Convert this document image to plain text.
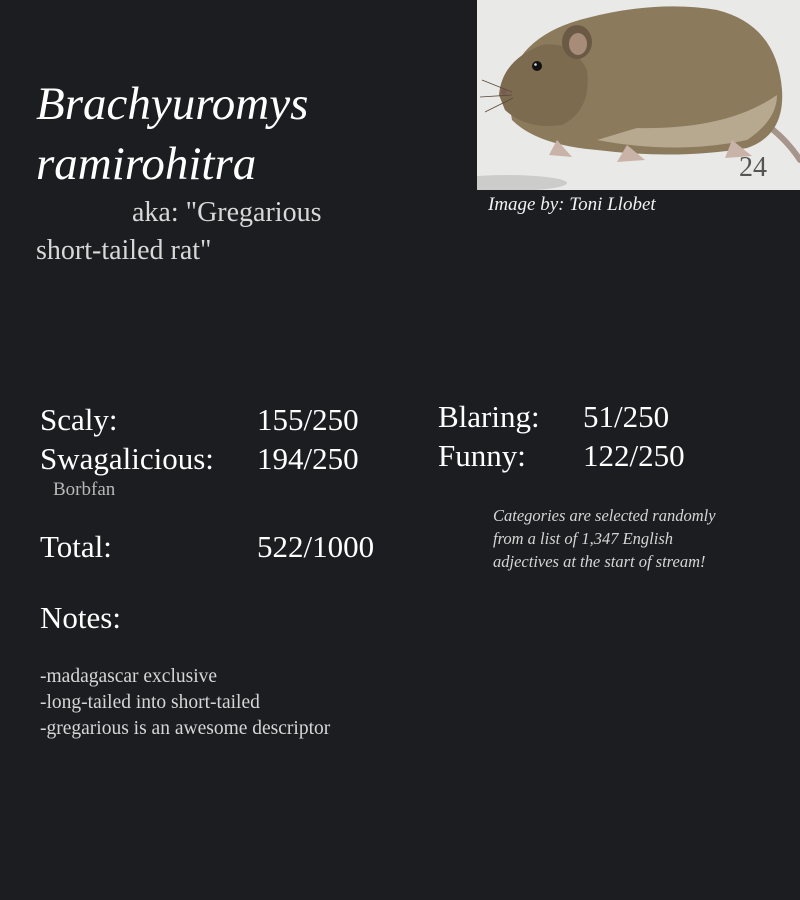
Brachyuromys ramirohitra
aka: "Gregarious short-tailed rat"
24
Image by: Toni Llobet
Scaly:	155/250
Swagalicious: 194/250
Borbfan
Blaring: 51/250
Funny: 122/250
Total:	522/1000
Categories are selected randomly from a list of 1,347 English adjectives at the start of stream!
Notes:
-madagascar exclusive
-long-tailed into short-tailed
-gregarious is an awesome descriptor
